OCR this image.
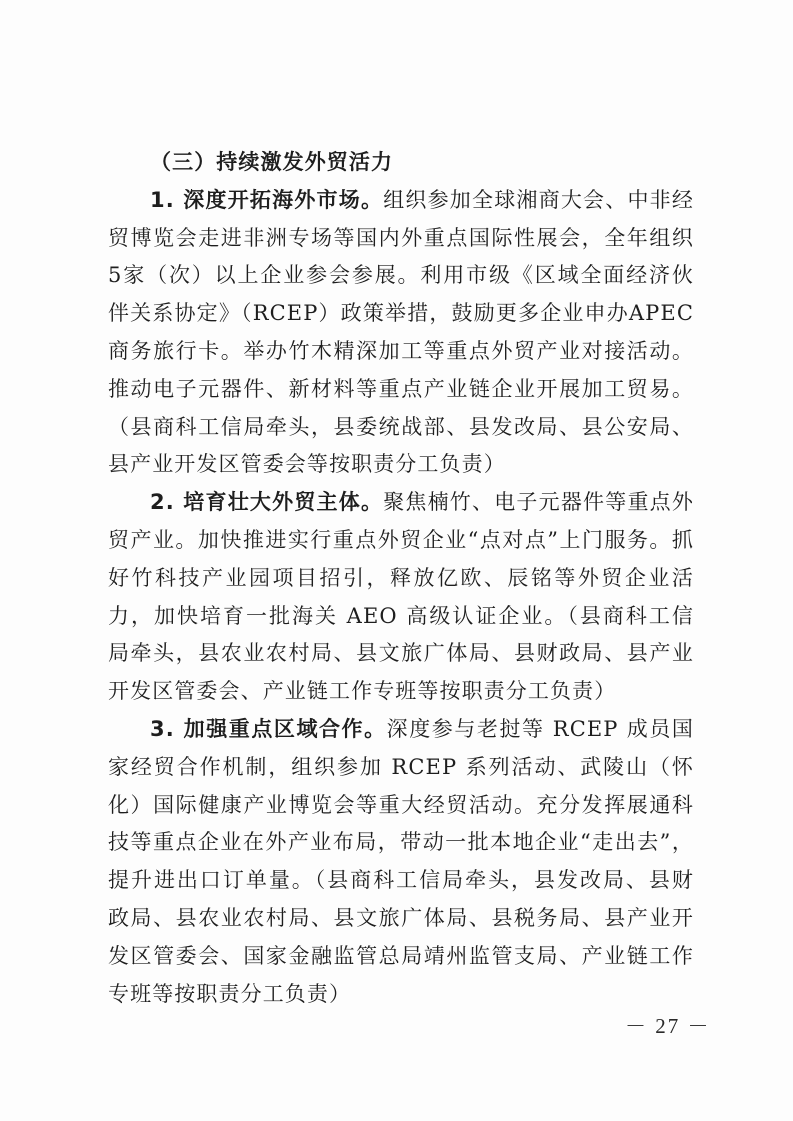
（三）持续激发外贸活力

1. 深度开拓海外市场。组织参加全球湘商大会、中非经贸博览会走进非洲专场等国内外重点国际性展会，全年组织5家（次）以上企业参会参展。利用市级《区域全面经济伙伴关系协定》（RCEP）政策举措，鼓励更多企业申办APEC商务旅行卡。举办竹木精深加工等重点外贸产业对接活动。推动电子元器件、新材料等重点产业链企业开展加工贸易。（县商科工信局牵头，县委统战部、县发改局、县公安局、县产业开发区管委会等按职责分工负责）

2. 培育壮大外贸主体。聚焦楠竹、电子元器件等重点外贸产业。加快推进实行重点外贸企业“点对点”上门服务。抓好竹科技产业园项目招引，释放亿欧、辰铭等外贸企业活力，加快培育一批海关 AEO 高级认证企业。（县商科工信局牵头，县农业农村局、县文旅广体局、县财政局、县产业开发区管委会、产业链工作专班等按职责分工负责）

3. 加强重点区域合作。深度参与老挝等 RCEP 成员国家经贸合作机制，组织参加 RCEP 系列活动、武陵山（怀化）国际健康产业博览会等重大经贸活动。充分发挥展通科技等重点企业在外产业布局，带动一批本地企业“走出去”，提升进出口订单量。（县商科工信局牵头，县发改局、县财政局、县农业农村局、县文旅广体局、县税务局、县产业开发区管委会、国家金融监管总局靖州监管支局、产业链工作专班等按职责分工负责）

－ 27 －
